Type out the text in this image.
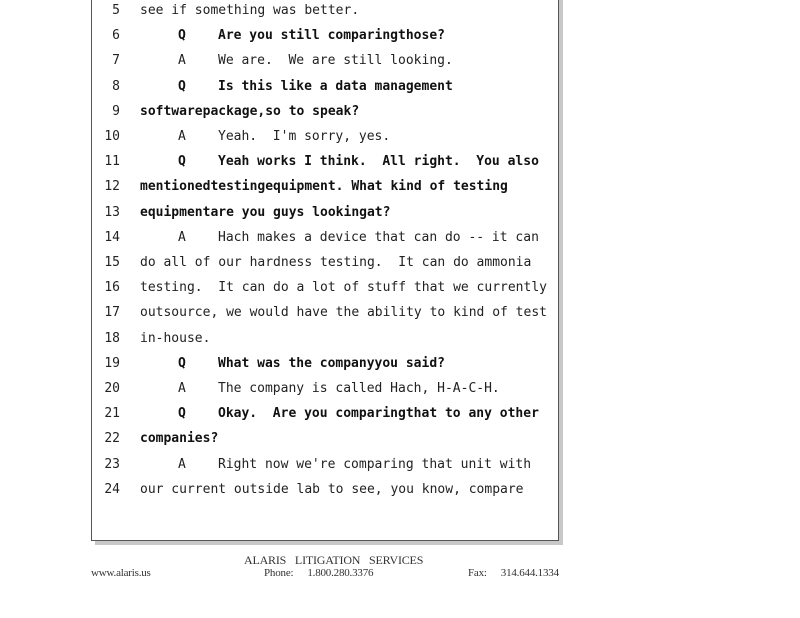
5 see if something was better.
6	Q Are you still comparingthose?
7	A We are.  We are still looking.
8	Q Is this like a data management
9 softwarepackage,so to speak?
10	A Yeah.  I'm sorry, yes.
11	Q Yeah works I think.  All right.  You also
12 mentionedtestingequipment. What kind of testing
13 equipmentare you guys lookingat?
14	A Hach makes a device that can do -- it can
15 do all of our hardness testing.  It can do ammonia
16 testing.  It can do a lot of stuff that we currently
17 outsource, we would have the ability to kind of test
18 in-house.
19	Q What was the companyyou said?
20	A The company is called Hach, H-A-C-H.
21	Q Okay.  Are you comparingthat to any other
22 companies?
23	A Right now we're comparing that unit with
24 our current outside lab to see, you know, compare
ALARIS LITIGATION SERVICES
www.alaris.us	Phone: 1.800.280.3376	Fax: 314.644.1334
